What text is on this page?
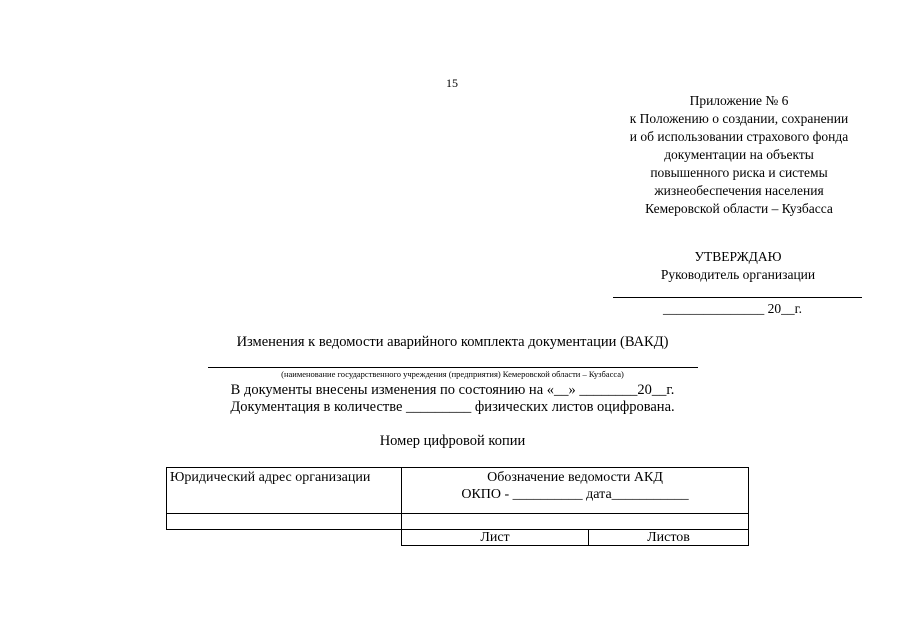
15
Приложение № 6
к Положению о создании, сохранении
и об использовании страхового фонда
документации на объекты
повышенного риска и системы
жизнеобеспечения населения
Кемеровской области – Кузбасса
УТВЕРЖДАЮ
Руководитель организации
_______________ 20__г.
Изменения к ведомости аварийного комплекта документации (ВАКД)
(наименование государственного учреждения (предприятия) Кемеровской области – Кузбасса)
В документы внесены изменения по состоянию на «__» ________20__г.
Документация в количестве _________ физических листов оцифрована.
Номер цифровой копии
Юридический адрес организации	Обозначение ведомости АКД
ОКПО - __________ дата___________	

	Лист	Листов
